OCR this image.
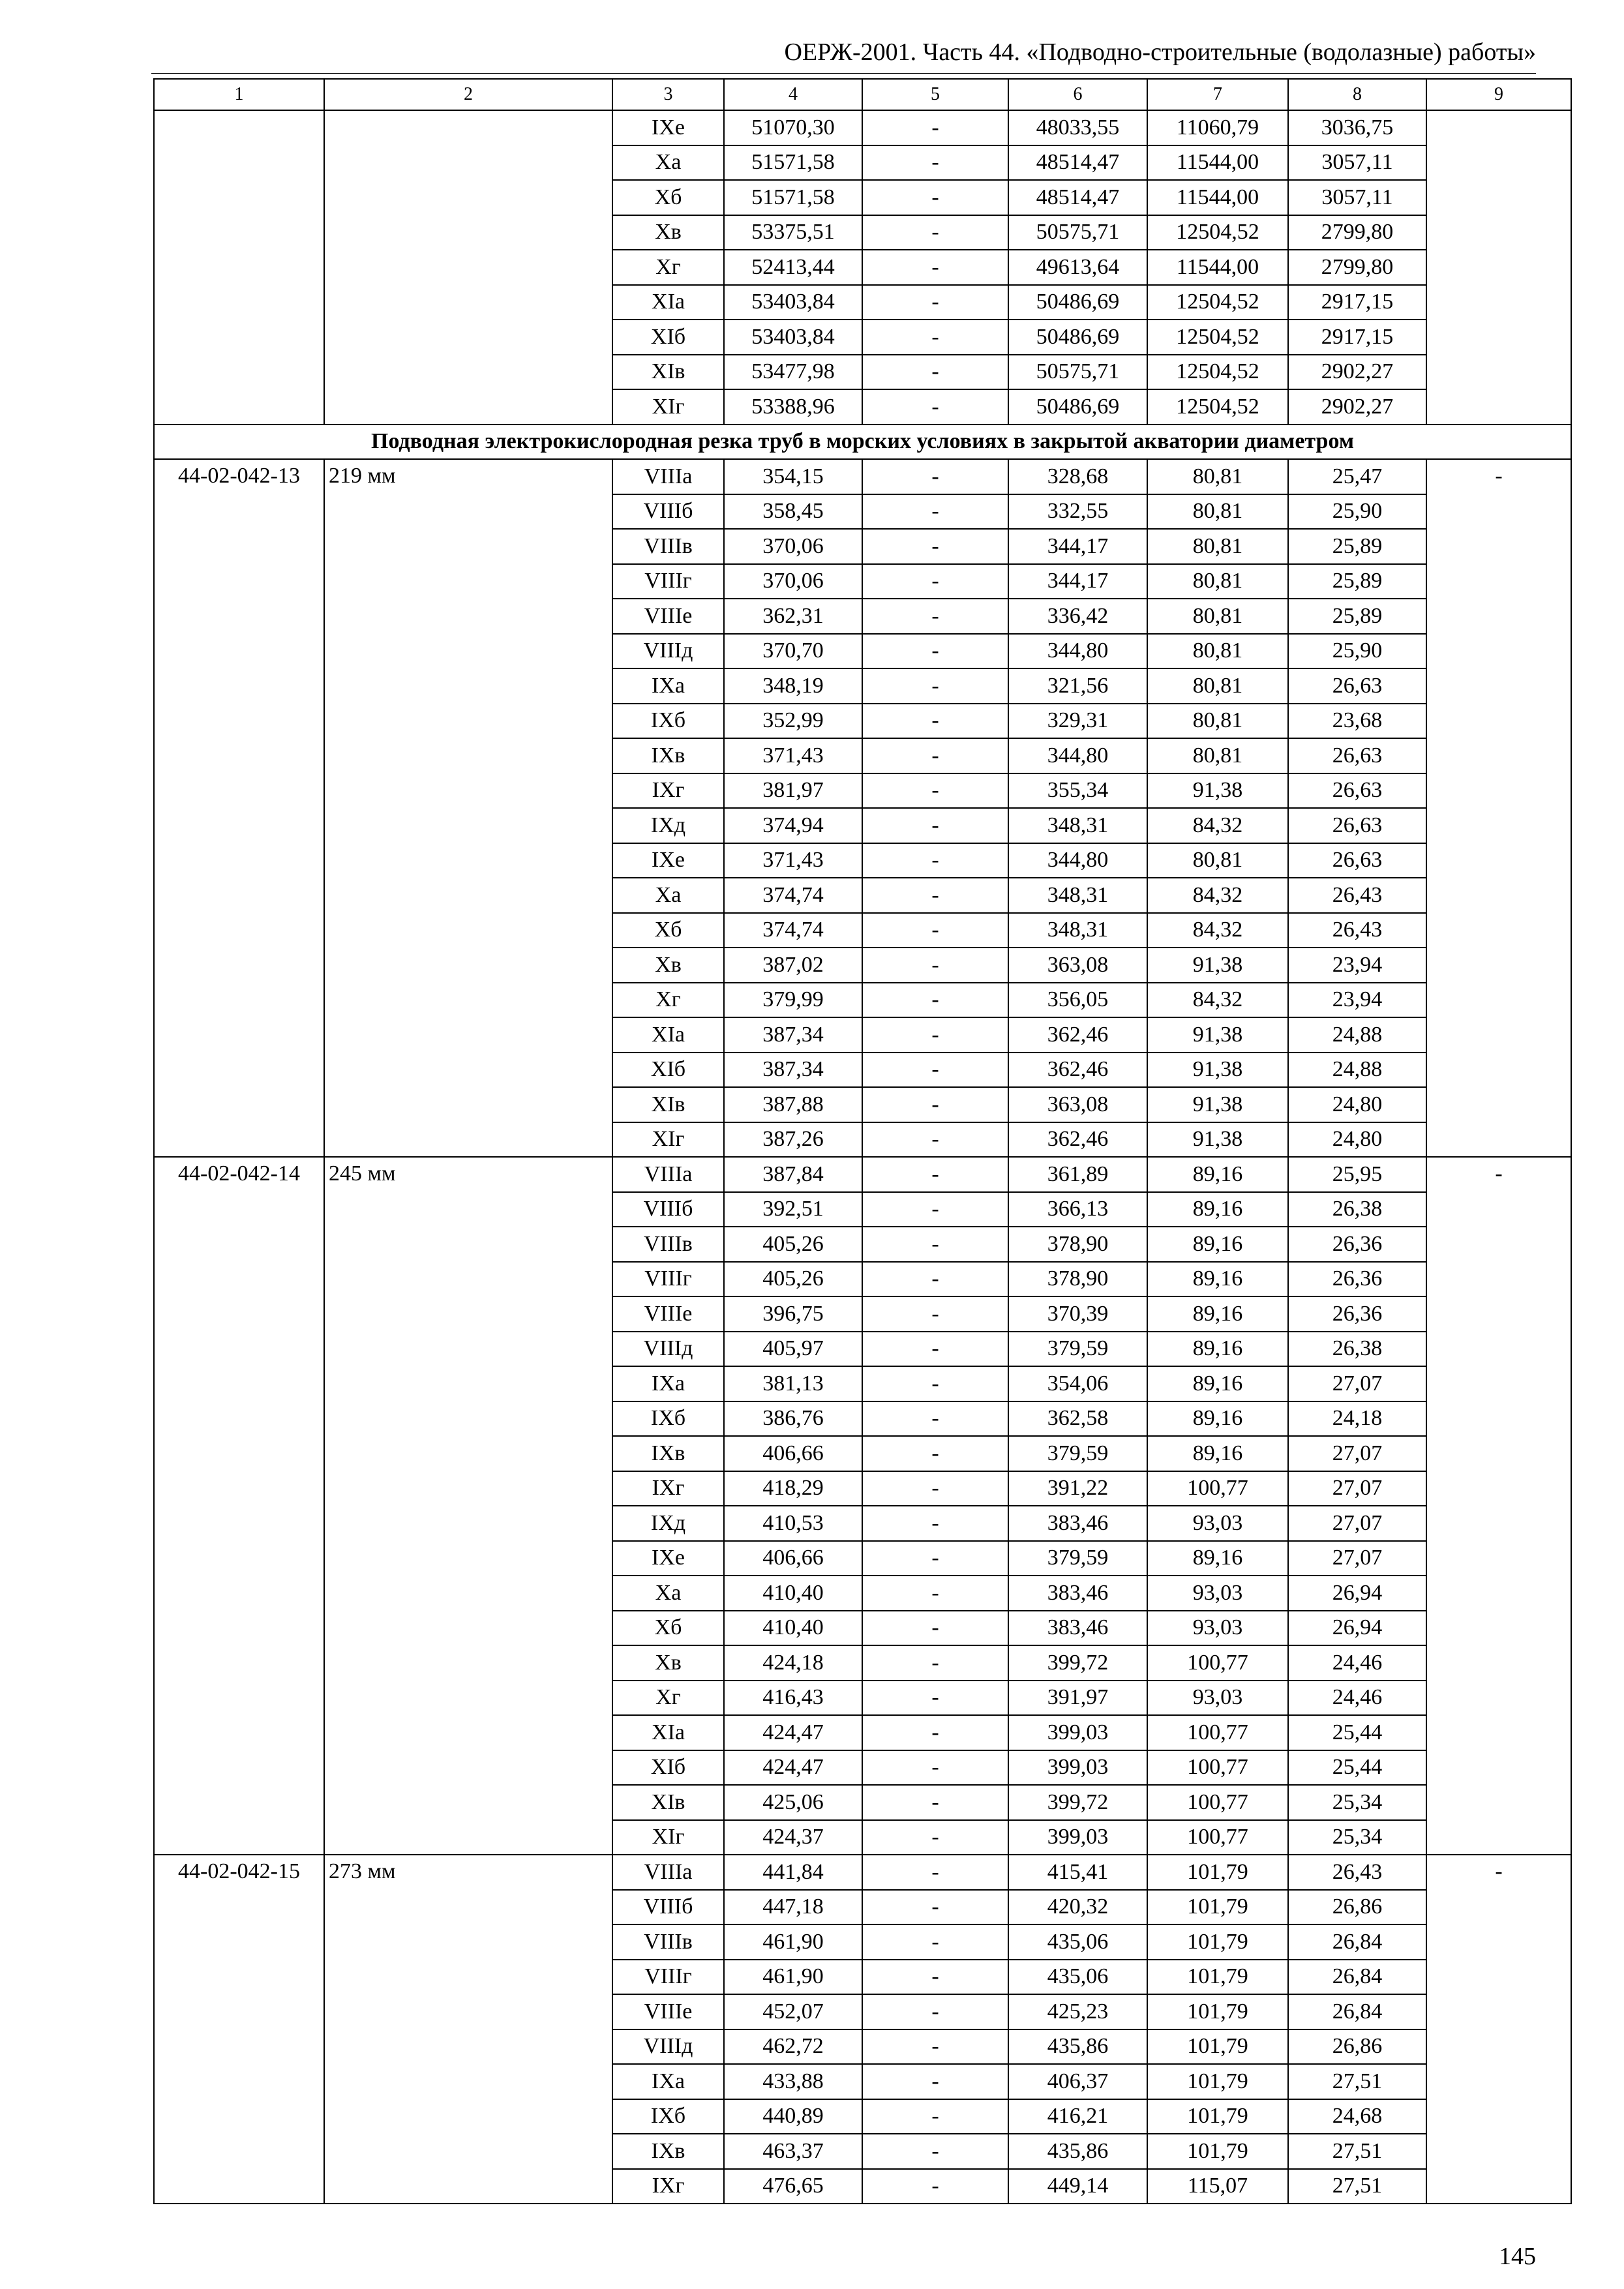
ОЕРЖ-2001. Часть 44. «Подводно-строительные (водолазные) работы»
1	2	3	4	5	6	7	8	9
		IXe	51070,30	-	48033,55	11060,79	3036,75	
		Xa	51571,58	-	48514,47	11544,00	3057,11	
		Xб	51571,58	-	48514,47	11544,00	3057,11	
		Xв	53375,51	-	50575,71	12504,52	2799,80	
		Xг	52413,44	-	49613,64	11544,00	2799,80	
		XIa	53403,84	-	50486,69	12504,52	2917,15	
		XIб	53403,84	-	50486,69	12504,52	2917,15	
		XIв	53477,98	-	50575,71	12504,52	2902,27	
		XIг	53388,96	-	50486,69	12504,52	2902,27	
Подводная электрокислородная резка труб в морских условиях в закрытой акватории диаметром								
44-02-042-13	219 мм	VIIIa	354,15	-	328,68	80,81	25,47	-
		VIIIб	358,45	-	332,55	80,81	25,90	
		VIIIв	370,06	-	344,17	80,81	25,89	
		VIIIг	370,06	-	344,17	80,81	25,89	
		VIIIe	362,31	-	336,42	80,81	25,89	
		VIIIд	370,70	-	344,80	80,81	25,90	
		IXa	348,19	-	321,56	80,81	26,63	
		IXб	352,99	-	329,31	80,81	23,68	
		IXв	371,43	-	344,80	80,81	26,63	
		IXг	381,97	-	355,34	91,38	26,63	
		IXд	374,94	-	348,31	84,32	26,63	
		IXe	371,43	-	344,80	80,81	26,63	
		Xa	374,74	-	348,31	84,32	26,43	
		Xб	374,74	-	348,31	84,32	26,43	
		Xв	387,02	-	363,08	91,38	23,94	
		Xг	379,99	-	356,05	84,32	23,94	
		XIa	387,34	-	362,46	91,38	24,88	
		XIб	387,34	-	362,46	91,38	24,88	
		XIв	387,88	-	363,08	91,38	24,80	
		XIг	387,26	-	362,46	91,38	24,80	
44-02-042-14	245 мм	VIIIa	387,84	-	361,89	89,16	25,95	-
		VIIIб	392,51	-	366,13	89,16	26,38	
		VIIIв	405,26	-	378,90	89,16	26,36	
		VIIIг	405,26	-	378,90	89,16	26,36	
		VIIIe	396,75	-	370,39	89,16	26,36	
		VIIIд	405,97	-	379,59	89,16	26,38	
		IXa	381,13	-	354,06	89,16	27,07	
		IXб	386,76	-	362,58	89,16	24,18	
		IXв	406,66	-	379,59	89,16	27,07	
		IXг	418,29	-	391,22	100,77	27,07	
		IXд	410,53	-	383,46	93,03	27,07	
		IXe	406,66	-	379,59	89,16	27,07	
		Xa	410,40	-	383,46	93,03	26,94	
		Xб	410,40	-	383,46	93,03	26,94	
		Xв	424,18	-	399,72	100,77	24,46	
		Xг	416,43	-	391,97	93,03	24,46	
		XIa	424,47	-	399,03	100,77	25,44	
		XIб	424,47	-	399,03	100,77	25,44	
		XIв	425,06	-	399,72	100,77	25,34	
		XIг	424,37	-	399,03	100,77	25,34	
44-02-042-15	273 мм	VIIIa	441,84	-	415,41	101,79	26,43	-
		VIIIб	447,18	-	420,32	101,79	26,86	
		VIIIв	461,90	-	435,06	101,79	26,84	
		VIIIг	461,90	-	435,06	101,79	26,84	
		VIIIe	452,07	-	425,23	101,79	26,84	
		VIIIд	462,72	-	435,86	101,79	26,86	
		IXa	433,88	-	406,37	101,79	27,51	
		IXб	440,89	-	416,21	101,79	24,68	
		IXв	463,37	-	435,86	101,79	27,51	
		IXг	476,65	-	449,14	115,07	27,51	
145
